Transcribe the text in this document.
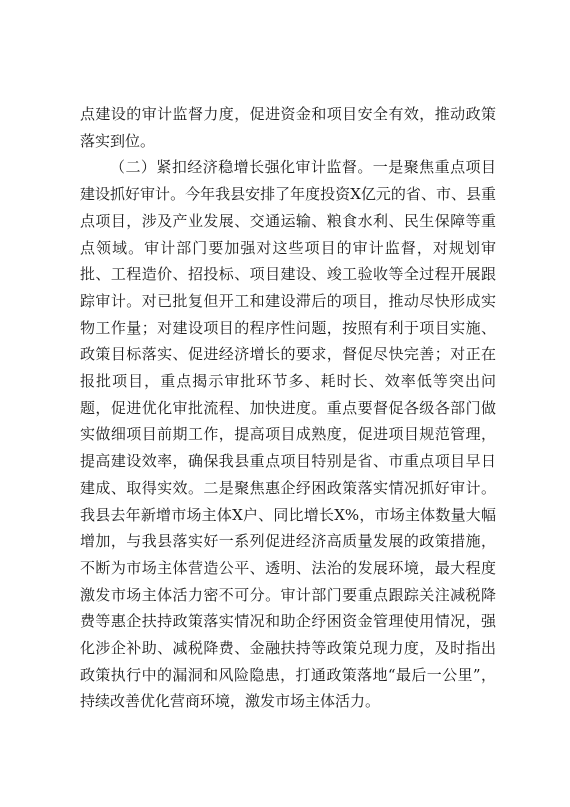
点建设的审计监督力度，促进资金和项目安全有效，推动政策落实到位。

（二）紧扣经济稳增长强化审计监督。一是聚焦重点项目建设抓好审计。今年我县安排了年度投资X亿元的省、市、县重点项目，涉及产业发展、交通运输、粮食水利、民生保障等重点领域。审计部门要加强对这些项目的审计监督，对规划审批、工程造价、招投标、项目建设、竣工验收等全过程开展跟踪审计。对已批复但开工和建设滞后的项目，推动尽快形成实物工作量；对建设项目的程序性问题，按照有利于项目实施、政策目标落实、促进经济增长的要求，督促尽快完善；对正在报批项目，重点揭示审批环节多、耗时长、效率低等突出问题，促进优化审批流程、加快进度。重点要督促各级各部门做实做细项目前期工作，提高项目成熟度，促进项目规范管理，提高建设效率，确保我县重点项目特别是省、市重点项目早日建成、取得实效。二是聚焦惠企纾困政策落实情况抓好审计。我县去年新增市场主体X户、同比增长X%，市场主体数量大幅增加，与我县落实好一系列促进经济高质量发展的政策措施，不断为市场主体营造公平、透明、法治的发展环境，最大程度激发市场主体活力密不可分。审计部门要重点跟踪关注减税降费等惠企扶持政策落实情况和助企纾困资金管理使用情况，强化涉企补助、减税降费、金融扶持等政策兑现力度，及时指出政策执行中的漏洞和风险隐患，打通政策落地“最后一公里”，持续改善优化营商环境，激发市场主体活力。
